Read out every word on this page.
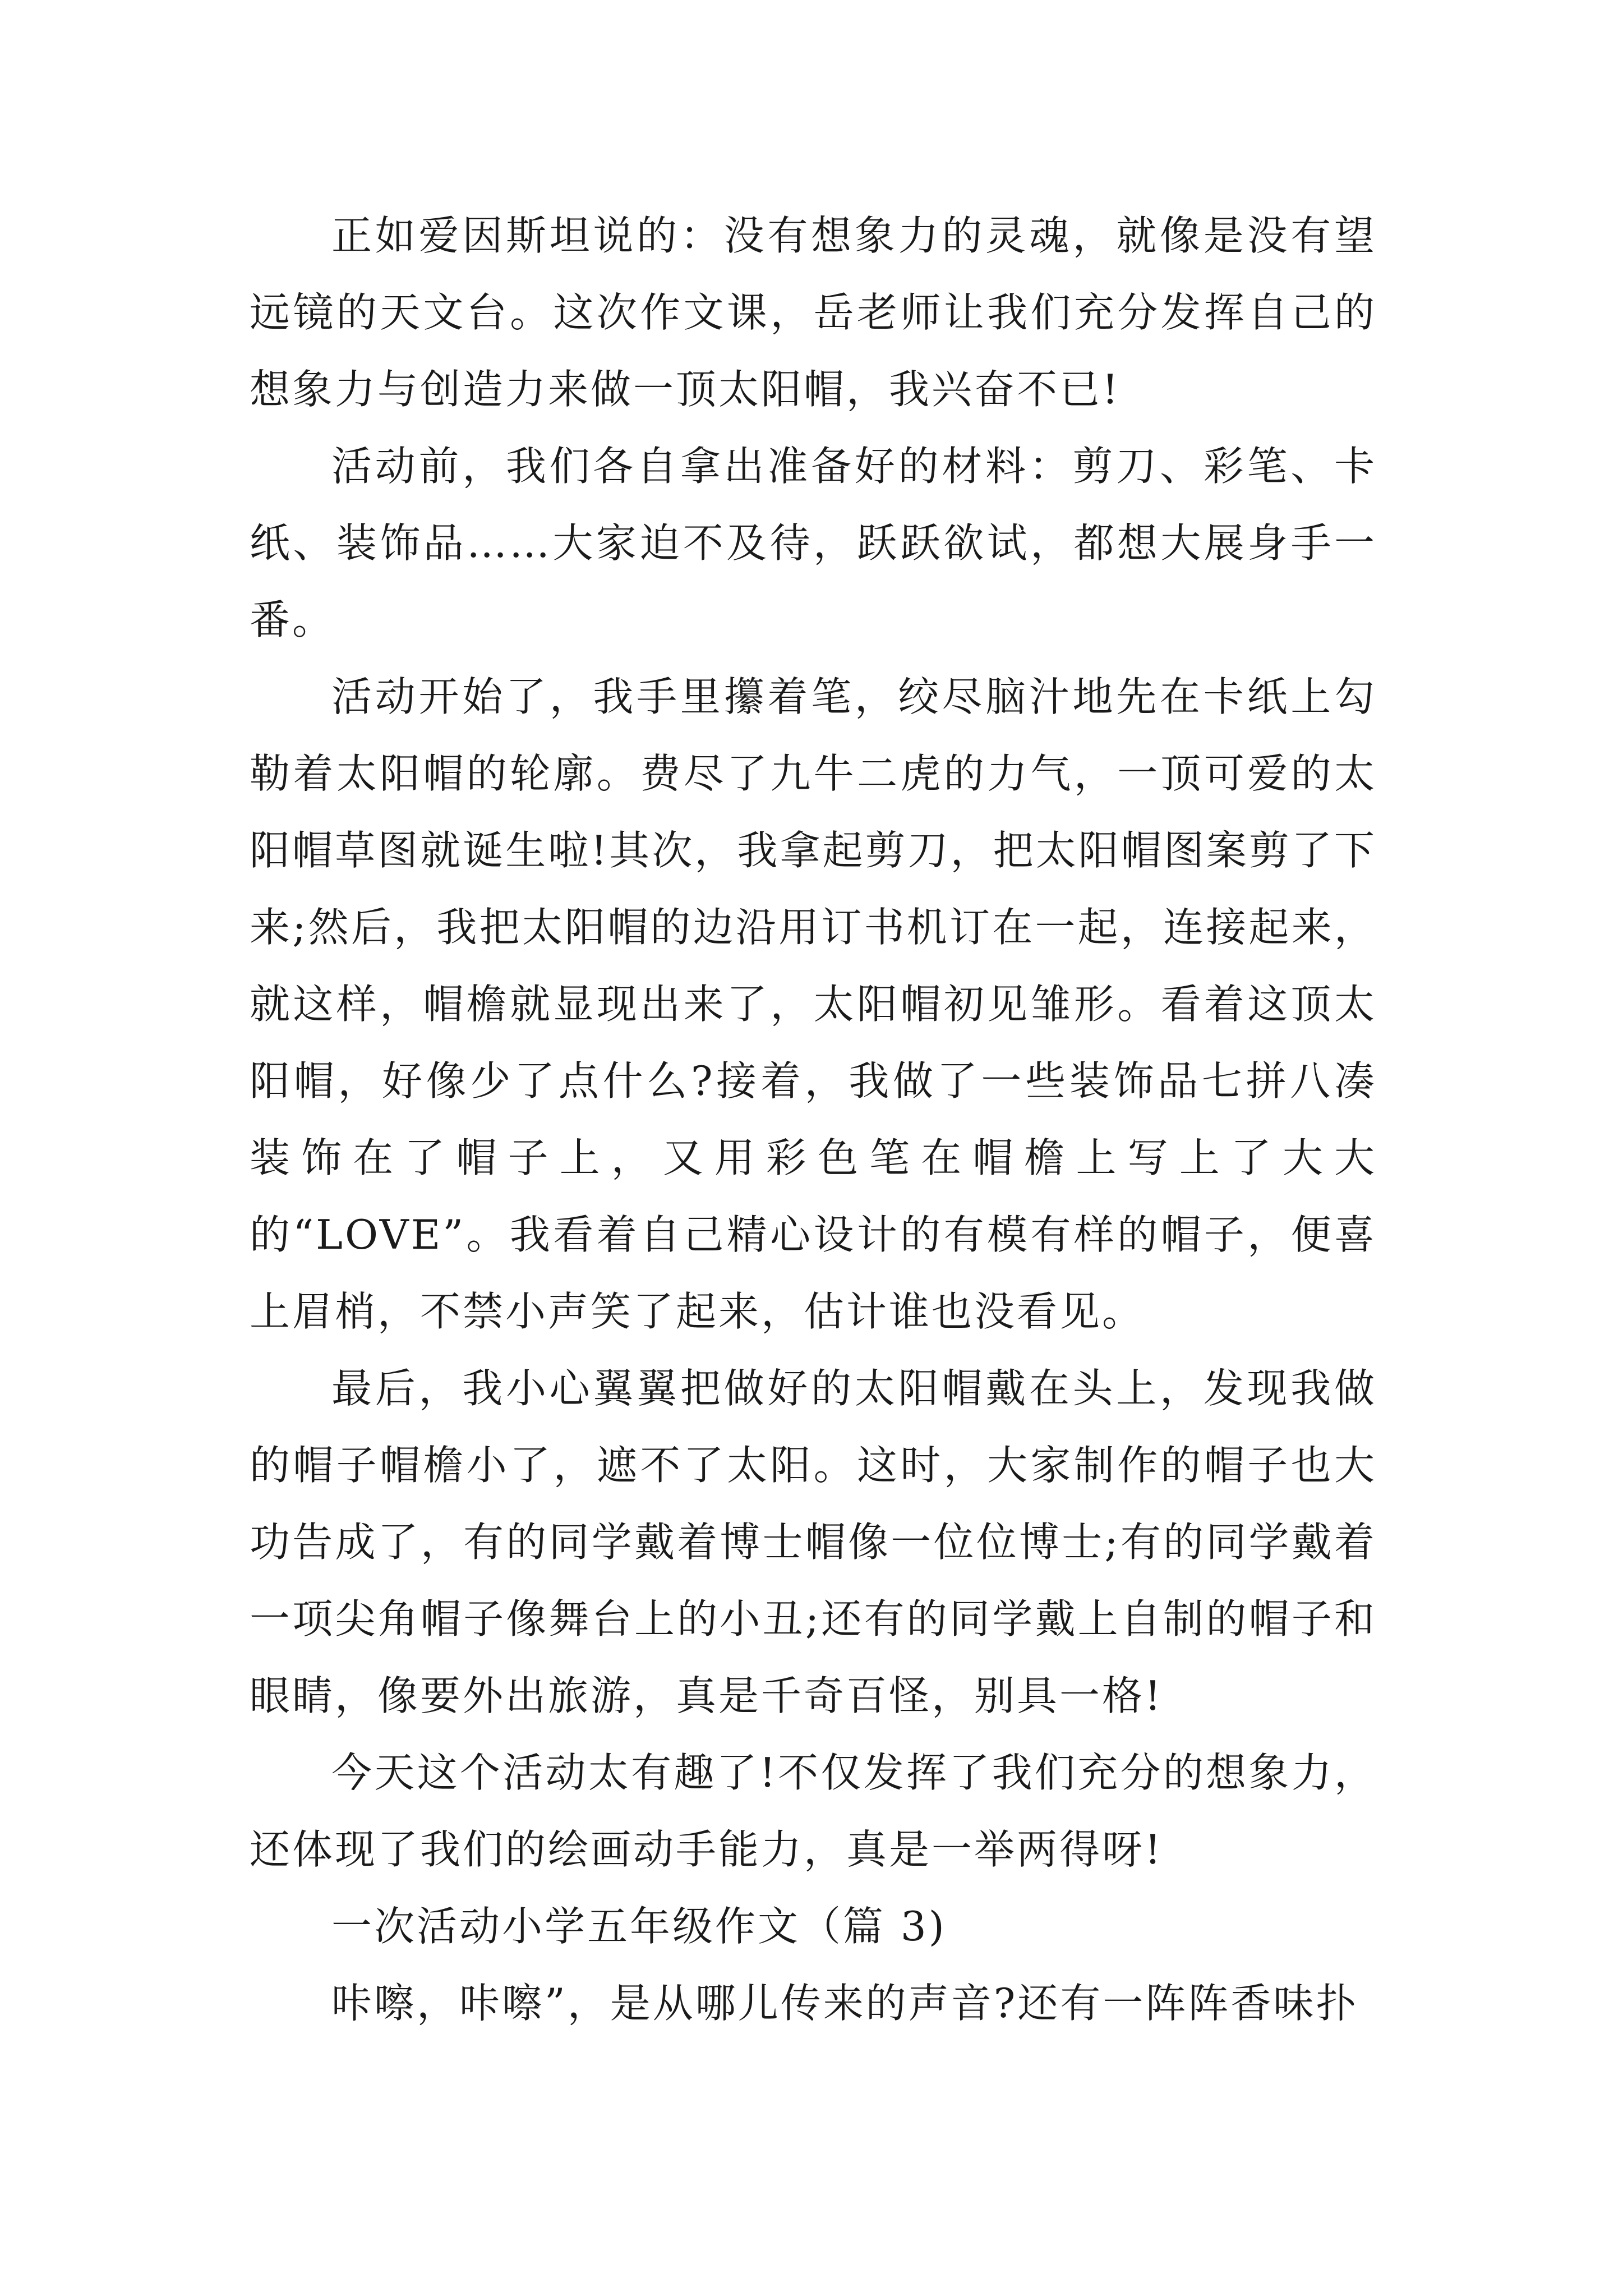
正如爱因斯坦说的：没有想象力的灵魂，就像是没有望远镜的天文台。这次作文课，岳老师让我们充分发挥自己的想象力与创造力来做一顶太阳帽，我兴奋不已!

活动前，我们各自拿出准备好的材料：剪刀、彩笔、卡纸、装饰品……大家迫不及待，跃跃欲试，都想大展身手一番。

活动开始了，我手里攥着笔，绞尽脑汁地先在卡纸上勾勒着太阳帽的轮廓。费尽了九牛二虎的力气，一顶可爱的太阳帽草图就诞生啦!其次，我拿起剪刀，把太阳帽图案剪了下来;然后，我把太阳帽的边沿用订书机订在一起，连接起来，就这样，帽檐就显现出来了，太阳帽初见雏形。看着这顶太阳帽，好像少了点什么?接着，我做了一些装饰品七拼八凑装饰在了帽子上，又用彩色笔在帽檐上写上了大大的“LOVE”。我看着自己精心设计的有模有样的帽子，便喜上眉梢，不禁小声笑了起来，估计谁也没看见。

最后，我小心翼翼把做好的太阳帽戴在头上，发现我做的帽子帽檐小了，遮不了太阳。这时，大家制作的帽子也大功告成了，有的同学戴着博士帽像一位位博士;有的同学戴着一项尖角帽子像舞台上的小丑;还有的同学戴上自制的帽子和眼睛，像要外出旅游，真是千奇百怪，别具一格!

今天这个活动太有趣了!不仅发挥了我们充分的想象力，还体现了我们的绘画动手能力，真是一举两得呀!

一次活动小学五年级作文（篇 3)

咔嚓，咔嚓”，是从哪儿传来的声音?还有一阵阵香味扑
